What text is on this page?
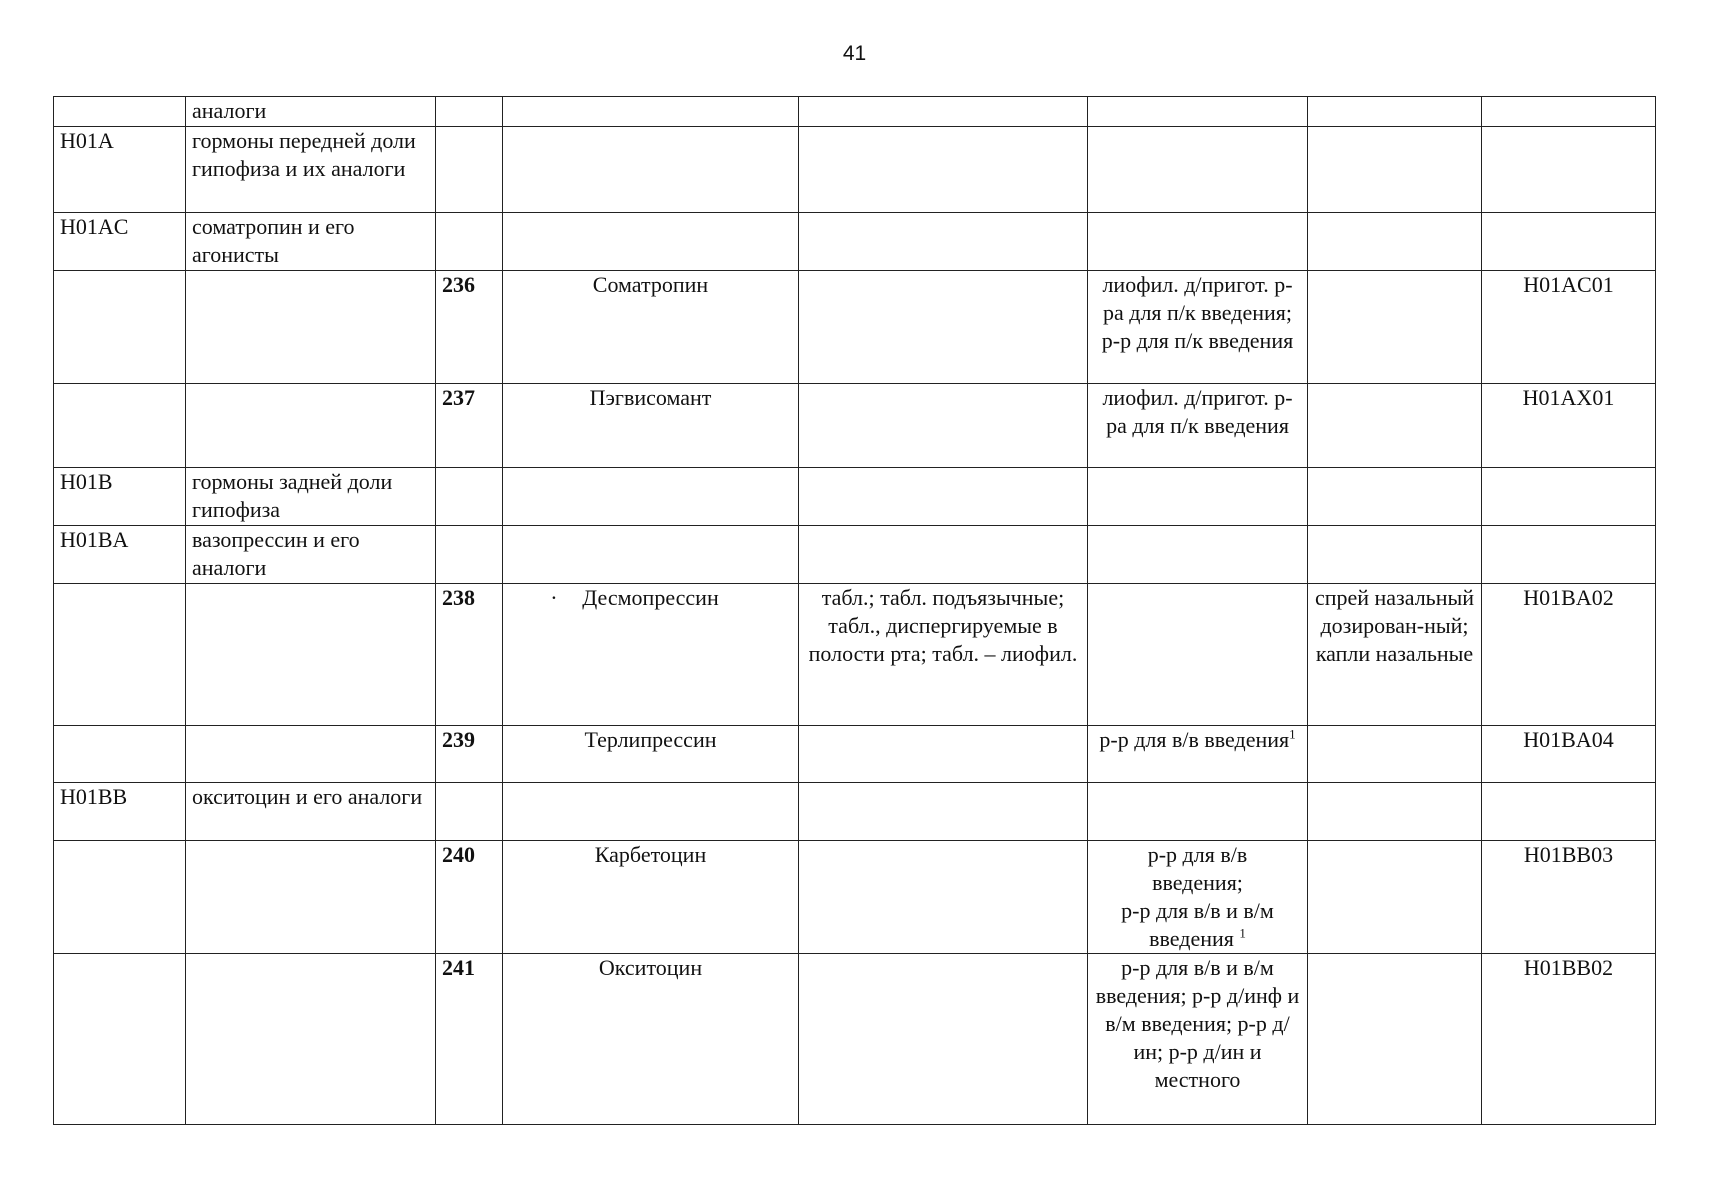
41
	аналоги						
H01A	гормоны передней доли гипофиза и их аналоги						
H01AC	соматропин и его агонисты						
		236	Соматропин		лиофил. д/пригот. р-ра для п/к введения; р-р для п/к введения		H01AC01
		237	Пэгвисомант		лиофил. д/пригот. р-ра для п/к введения		H01AX01
H01B	гормоны задней доли гипофиза						
H01BA	вазопрессин и его аналоги						
		238	· Десмопрессин	табл.; табл. подъязычные; табл., диспергируемые в полости рта; табл. – лиофил.		спрей назальный дозирован-ный; капли назальные	H01BA02
		239	Терлипрессин		р-р для в/в введения$^1$		H01BA04
H01BB	окситоцин и его аналоги						
		240	Карбетоцин		р-р для в/в
введения;
р-р для в/в и в/м
введения $^1$		H01BB03
		241	Окситоцин		р-р для в/в и в/м введения; р-р д/инф и в/м введения; р-р д/ин; р-р д/ин и местного		H01BB02
